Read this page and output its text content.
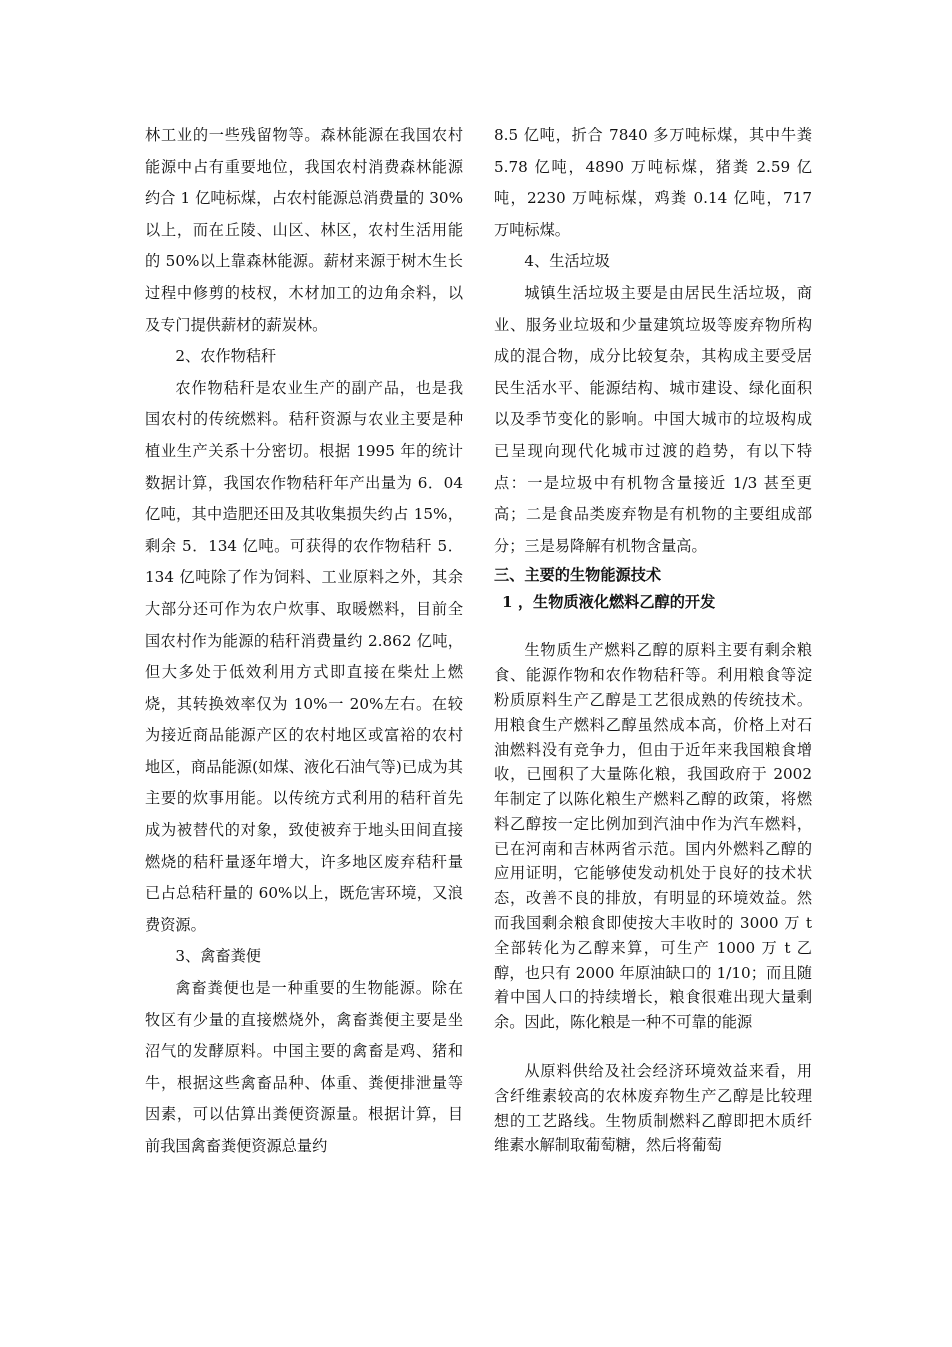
林工业的一些残留物等。森林能源在我国农村能源中占有重要地位，我国农村消费森林能源约合 1 亿吨标煤，占农村能源总消费量的 30%以上，而在丘陵、山区、林区，农村生活用能的 50%以上靠森林能源。薪材来源于树木生长过程中修剪的枝杈，木材加工的边角余料，以及专门提供薪材的薪炭林。

2、农作物秸秆

农作物秸秆是农业生产的副产品，也是我国农村的传统燃料。秸秆资源与农业主要是种植业生产关系十分密切。根据 1995 年的统计数据计算，我国农作物秸秆年产出量为 6．04 亿吨，其中造肥还田及其收集损失约占 15%，剩余 5．134 亿吨。可获得的农作物秸秆 5．134 亿吨除了作为饲料、工业原料之外，其余大部分还可作为农户炊事、取暖燃料，目前全国农村作为能源的秸秆消费量约 2.862 亿吨，但大多处于低效利用方式即直接在柴灶上燃烧，其转换效率仅为 10%一 20%左右。在较为接近商品能源产区的农村地区或富裕的农村地区，商品能源(如煤、液化石油气等)已成为其主要的炊事用能。以传统方式利用的秸秆首先成为被替代的对象，致使被弃于地头田间直接燃烧的秸秆量逐年增大，许多地区废弃秸秆量已占总秸秆量的 60%以上，既危害环境，又浪费资源。

3、禽畜粪便

禽畜粪便也是一种重要的生物能源。除在牧区有少量的直接燃烧外，禽畜粪便主要是坐沼气的发酵原料。中国主要的禽畜是鸡、猪和牛，根据这些禽畜品种、体重、粪便排泄量等因素，可以估算出粪便资源量。根据计算，目前我国禽畜粪便资源总量约

8.5 亿吨，折合 7840 多万吨标煤，其中牛粪 5.78 亿吨，4890 万吨标煤，猪粪 2.59 亿吨，2230 万吨标煤，鸡粪 0.14 亿吨，717 万吨标煤。

4、生活垃圾

城镇生活垃圾主要是由居民生活垃圾，商业、服务业垃圾和少量建筑垃圾等废弃物所构成的混合物，成分比较复杂，其构成主要受居民生活水平、能源结构、城市建设、绿化面积以及季节变化的影响。中国大城市的垃圾构成已呈现向现代化城市过渡的趋势，有以下特点：一是垃圾中有机物含量接近 1/3 甚至更高；二是食品类废弃物是有机物的主要组成部分；三是易降解有机物含量高。

三、主要的生物能源技术
1 ，生物质液化燃料乙醇的开发

生物质生产燃料乙醇的原料主要有剩余粮食、能源作物和农作物秸秆等。利用粮食等淀粉质原料生产乙醇是工艺很成熟的传统技术。用粮食生产燃料乙醇虽然成本高，价格上对石油燃料没有竞争力，但由于近年来我国粮食增收，已囤积了大量陈化粮，我国政府于 2002 年制定了以陈化粮生产燃料乙醇的政策，将燃料乙醇按一定比例加到汽油中作为汽车燃料，已在河南和吉林两省示范。国内外燃料乙醇的应用证明，它能够使发动机处于良好的技术状态，改善不良的排放，有明显的环境效益。然而我国剩余粮食即使按大丰收时的 3000 万 t 全部转化为乙醇来算，可生产 1000 万 t 乙醇，也只有 2000 年原油缺口的 1/10；而且随着中国人口的持续增长，粮食很难出现大量剩余。因此，陈化粮是一种不可靠的能源

从原料供给及社会经济环境效益来看，用含纤维素较高的农林废弃物生产乙醇是比较理想的工艺路线。生物质制燃料乙醇即把木质纤维素水解制取葡萄糖，然后将葡萄
